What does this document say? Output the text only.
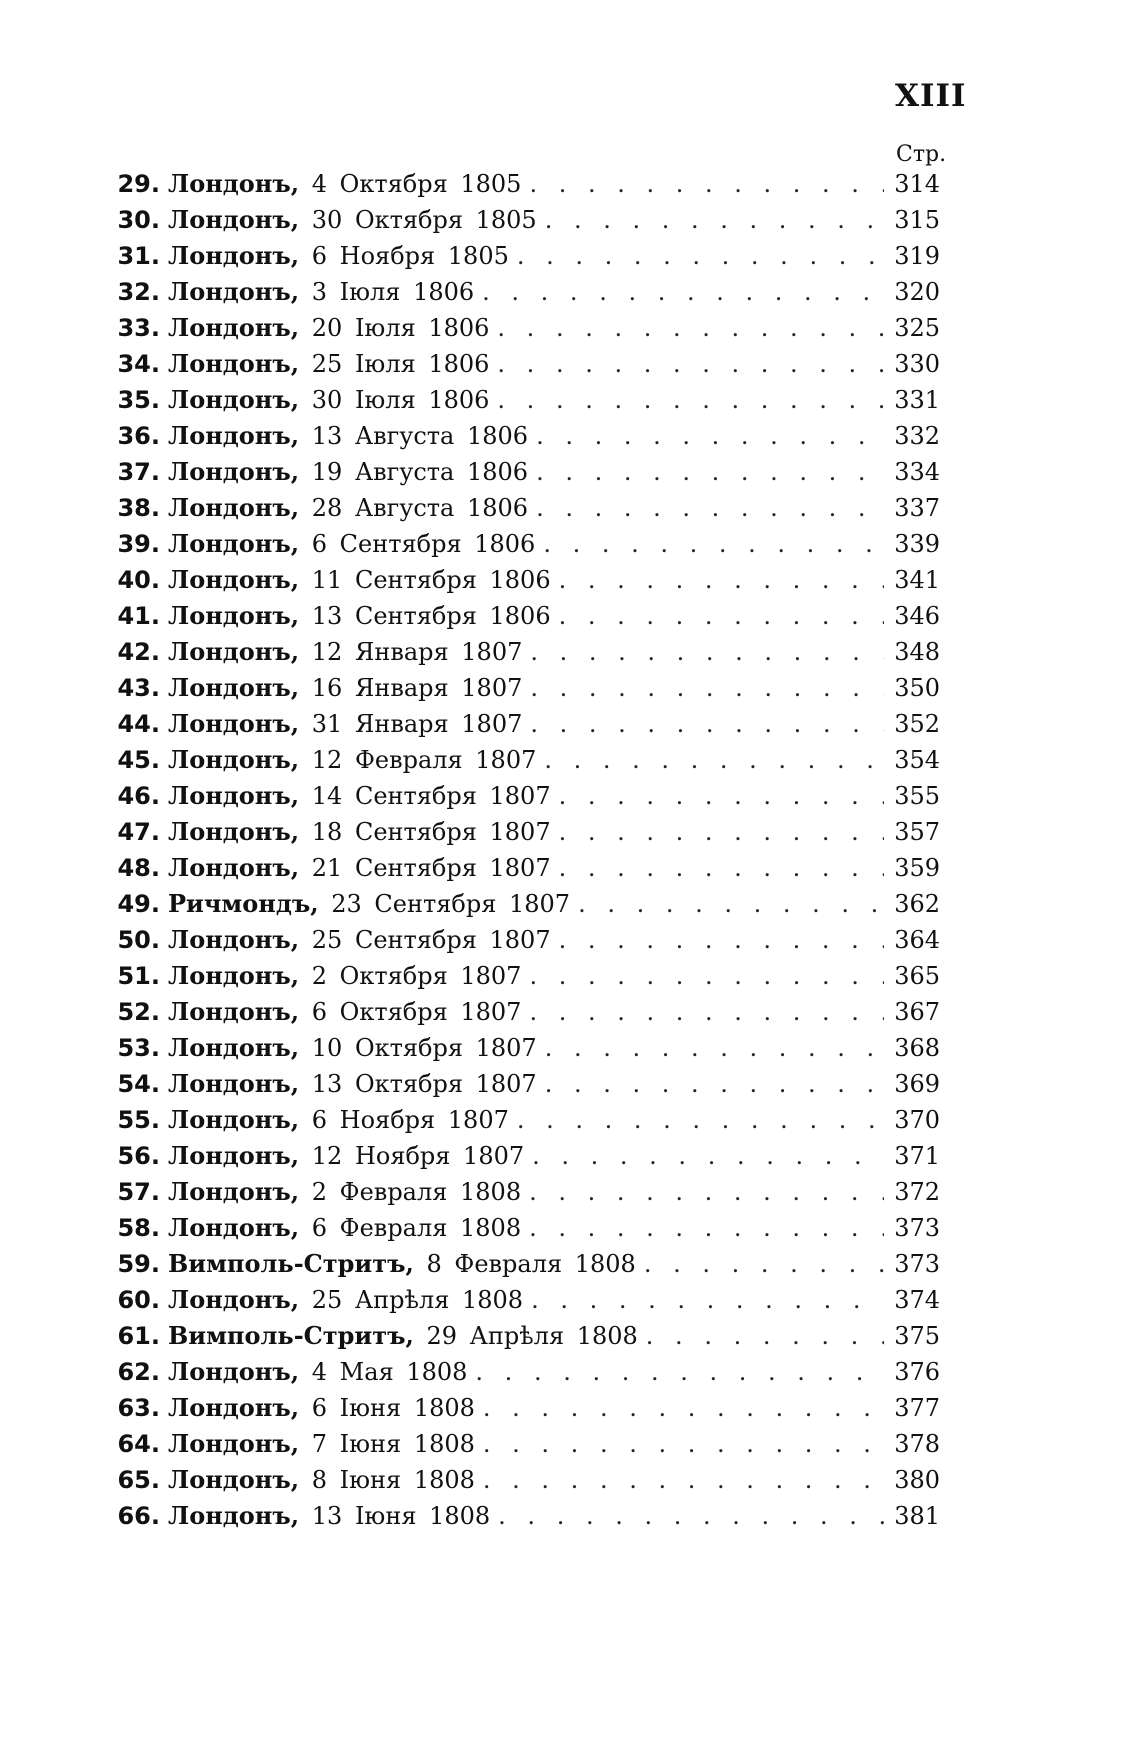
XIII
Стр.
29. Лондонъ, 4 Октября 1805 . . .	314
30. Лондонъ, 30 Октября 1805 . . .	315
31. Лондонъ, 6 Ноября 1805 . . .	319
32. Лондонъ, 3 Іюля 1806 . . .	320
33. Лондонъ, 20 Іюля 1806 . . .	325
34. Лондонъ, 25 Іюля 1806 . . .	330
35. Лондонъ, 30 Іюля 1806 . . .	331
36. Лондонъ, 13 Августа 1806 . . .	332
37. Лондонъ, 19 Августа 1806 . . .	334
38. Лондонъ, 28 Августа 1806 . . .	337
39. Лондонъ, 6 Сентября 1806 . . .	339
40. Лондонъ, 11 Сентября 1806 . . .	341
41. Лондонъ, 13 Сентября 1806 . . .	346
42. Лондонъ, 12 Января 1807 . . .	348
43. Лондонъ, 16 Января 1807 . . .	350
44. Лондонъ, 31 Января 1807 . . .	352
45. Лондонъ, 12 Февраля 1807 . . .	354
46. Лондонъ, 14 Сентября 1807 . . .	355
47. Лондонъ, 18 Сентября 1807 . . .	357
48. Лондонъ, 21 Сентября 1807 . . .	359
49. Ричмондъ, 23 Сентября 1807 . . .	362
50. Лондонъ, 25 Сентября 1807 . . .	364
51. Лондонъ, 2 Октября 1807 . . .	365
52. Лондонъ, 6 Октября 1807 . . .	367
53. Лондонъ, 10 Октября 1807 . . .	368
54. Лондонъ, 13 Октября 1807 . . .	369
55. Лондонъ, 6 Ноября 1807 . . .	370
56. Лондонъ, 12 Ноября 1807 . . .	371
57. Лондонъ, 2 Февраля 1808 . . .	372
58. Лондонъ, 6 Февраля 1808 . . .	373
59. Вимполь-Стритъ, 8 Февраля 1808 . . .	373
60. Лондонъ, 25 Апрѣля 1808 . . .	374
61. Вимполь-Стритъ, 29 Апрѣля 1808 . . .	375
62. Лондонъ, 4 Мая 1808 . . .	376
63. Лондонъ, 6 Іюня 1808 . . .	377
64. Лондонъ, 7 Іюня 1808 . . .	378
65. Лондонъ, 8 Іюня 1808 . . .	380
66. Лондонъ, 13 Іюня 1808 . . .	381
